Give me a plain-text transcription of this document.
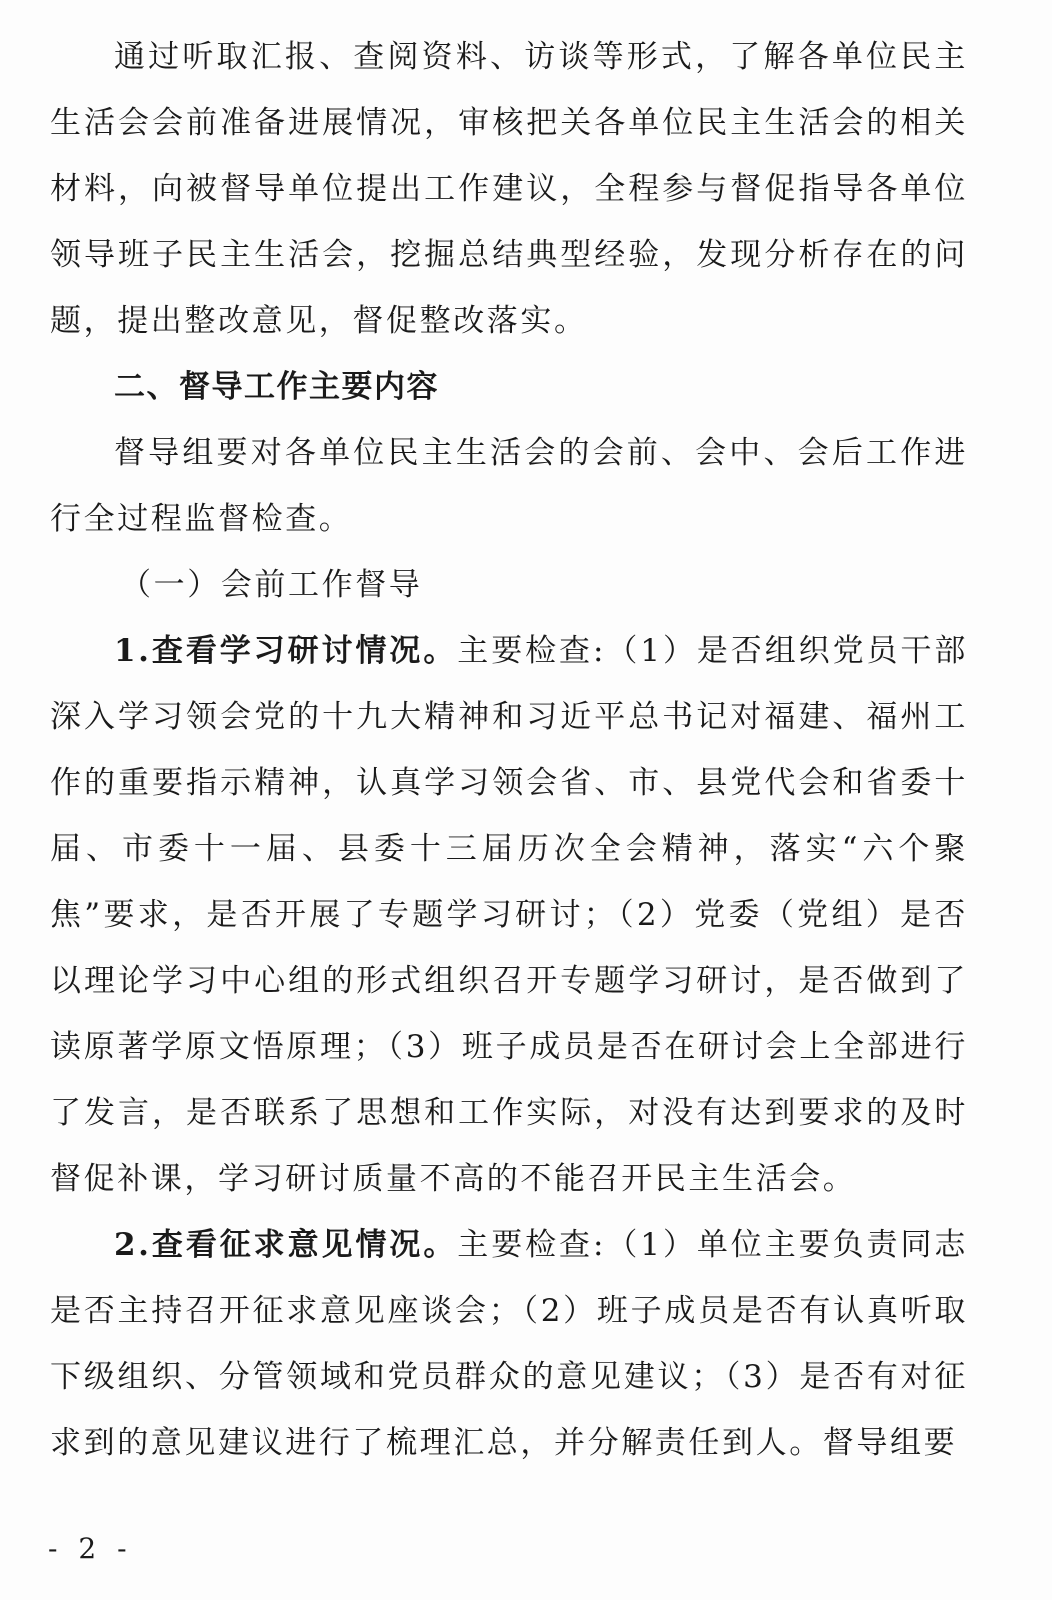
通过听取汇报、查阅资料、访谈等形式，了解各单位民主生活会会前准备进展情况，审核把关各单位民主生活会的相关材料，向被督导单位提出工作建议，全程参与督促指导各单位领导班子民主生活会，挖掘总结典型经验，发现分析存在的问题，提出整改意见，督促整改落实。

二、督导工作主要内容

督导组要对各单位民主生活会的会前、会中、会后工作进行全过程监督检查。

（一）会前工作督导

1.查看学习研讨情况。主要检查:（1）是否组织党员干部深入学习领会党的十九大精神和习近平总书记对福建、福州工作的重要指示精神，认真学习领会省、市、县党代会和省委十届、市委十一届、县委十三届历次全会精神，落实“六个聚焦”要求，是否开展了专题学习研讨；（2）党委（党组）是否以理论学习中心组的形式组织召开专题学习研讨，是否做到了读原著学原文悟原理；（3）班子成员是否在研讨会上全部进行了发言，是否联系了思想和工作实际，对没有达到要求的及时督促补课，学习研讨质量不高的不能召开民主生活会。

2.查看征求意见情况。主要检查:（1）单位主要负责同志是否主持召开征求意见座谈会；（2）班子成员是否有认真听取下级组织、分管领域和党员群众的意见建议；（3）是否有对征求到的意见建议进行了梳理汇总，并分解责任到人。督导组要

- 2 -
